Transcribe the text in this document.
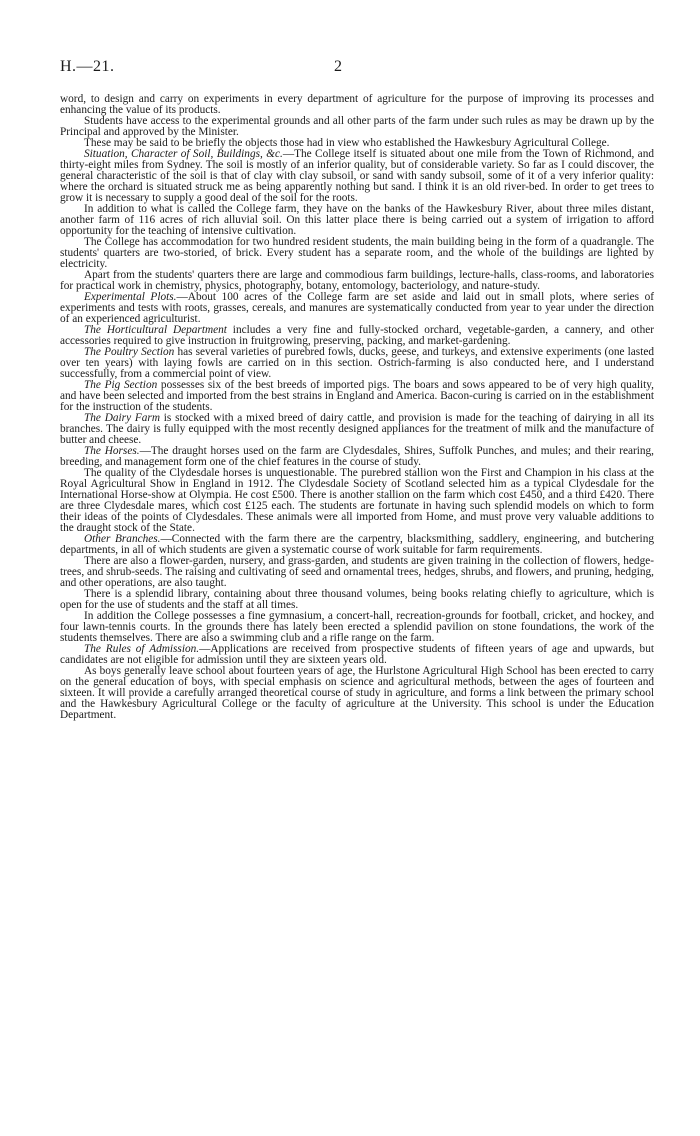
H.—21.	2

word, to design and carry on experiments in every department of agriculture for the purpose of improving its processes and enhancing the value of its products.

Students have access to the experimental grounds and all other parts of the farm under such rules as may be drawn up by the Principal and approved by the Minister.

These may be said to be briefly the objects those had in view who established the Hawkesbury Agricultural College.

Situation, Character of Soil, Buildings, &c.—The College itself is situated about one mile from the Town of Richmond, and thirty-eight miles from Sydney. The soil is mostly of an inferior quality, but of considerable variety. So far as I could discover, the general characteristic of the soil is that of clay with clay subsoil, or sand with sandy subsoil, some of it of a very inferior quality: where the orchard is situated struck me as being apparently nothing but sand. I think it is an old river-bed. In order to get trees to grow it is necessary to supply a good deal of the soil for the roots.

In addition to what is called the College farm, they have on the banks of the Hawkesbury River, about three miles distant, another farm of 116 acres of rich alluvial soil. On this latter place there is being carried out a system of irrigation to afford opportunity for the teaching of intensive cultivation.

The College has accommodation for two hundred resident students, the main building being in the form of a quadrangle. The students' quarters are two-storied, of brick. Every student has a separate room, and the whole of the buildings are lighted by electricity.

Apart from the students' quarters there are large and commodious farm buildings, lecture-halls, class-rooms, and laboratories for practical work in chemistry, physics, photography, botany, entomology, bacteriology, and nature-study.

Experimental Plots.—About 100 acres of the College farm are set aside and laid out in small plots, where series of experiments and tests with roots, grasses, cereals, and manures are systematically conducted from year to year under the direction of an experienced agriculturist.

The Horticultural Department includes a very fine and fully-stocked orchard, vegetable-garden, a cannery, and other accessories required to give instruction in fruitgrowing, preserving, packing, and market-gardening.

The Poultry Section has several varieties of purebred fowls, ducks, geese, and turkeys, and extensive experiments (one lasted over ten years) with laying fowls are carried on in this section. Ostrich-farming is also conducted here, and I understand successfully, from a commercial point of view.

The Pig Section possesses six of the best breeds of imported pigs. The boars and sows appeared to be of very high quality, and have been selected and imported from the best strains in England and America. Bacon-curing is carried on in the establishment for the instruction of the students.

The Dairy Farm is stocked with a mixed breed of dairy cattle, and provision is made for the teaching of dairying in all its branches. The dairy is fully equipped with the most recently designed appliances for the treatment of milk and the manufacture of butter and cheese.

The Horses.—The draught horses used on the farm are Clydesdales, Shires, Suffolk Punches, and mules; and their rearing, breeding, and management form one of the chief features in the course of study.

The quality of the Clydesdale horses is unquestionable. The purebred stallion won the First and Champion in his class at the Royal Agricultural Show in England in 1912. The Clydesdale Society of Scotland selected him as a typical Clydesdale for the International Horse-show at Olympia. He cost £500. There is another stallion on the farm which cost £450, and a third £420. There are three Clydesdale mares, which cost £125 each. The students are fortunate in having such splendid models on which to form their ideas of the points of Clydesdales. These animals were all imported from Home, and must prove very valuable additions to the draught stock of the State.

Other Branches.—Connected with the farm there are the carpentry, blacksmithing, saddlery, engineering, and butchering departments, in all of which students are given a systematic course of work suitable for farm requirements.

There are also a flower-garden, nursery, and grass-garden, and students are given training in the collection of flowers, hedge-trees, and shrub-seeds. The raising and cultivating of seed and ornamental trees, hedges, shrubs, and flowers, and pruning, hedging, and other operations, are also taught.

There is a splendid library, containing about three thousand volumes, being books relating chiefly to agriculture, which is open for the use of students and the staff at all times.

In addition the College possesses a fine gymnasium, a concert-hall, recreation-grounds for football, cricket, and hockey, and four lawn-tennis courts. In the grounds there has lately been erected a splendid pavilion on stone foundations, the work of the students themselves. There are also a swimming club and a rifle range on the farm.

The Rules of Admission.—Applications are received from prospective students of fifteen years of age and upwards, but candidates are not eligible for admission until they are sixteen years old.

As boys generally leave school about fourteen years of age, the Hurlstone Agricultural High School has been erected to carry on the general education of boys, with special emphasis on science and agricultural methods, between the ages of fourteen and sixteen. It will provide a carefully arranged theoretical course of study in agriculture, and forms a link between the primary school and the Hawkesbury Agricultural College or the faculty of agriculture at the University. This school is under the Education Department.
